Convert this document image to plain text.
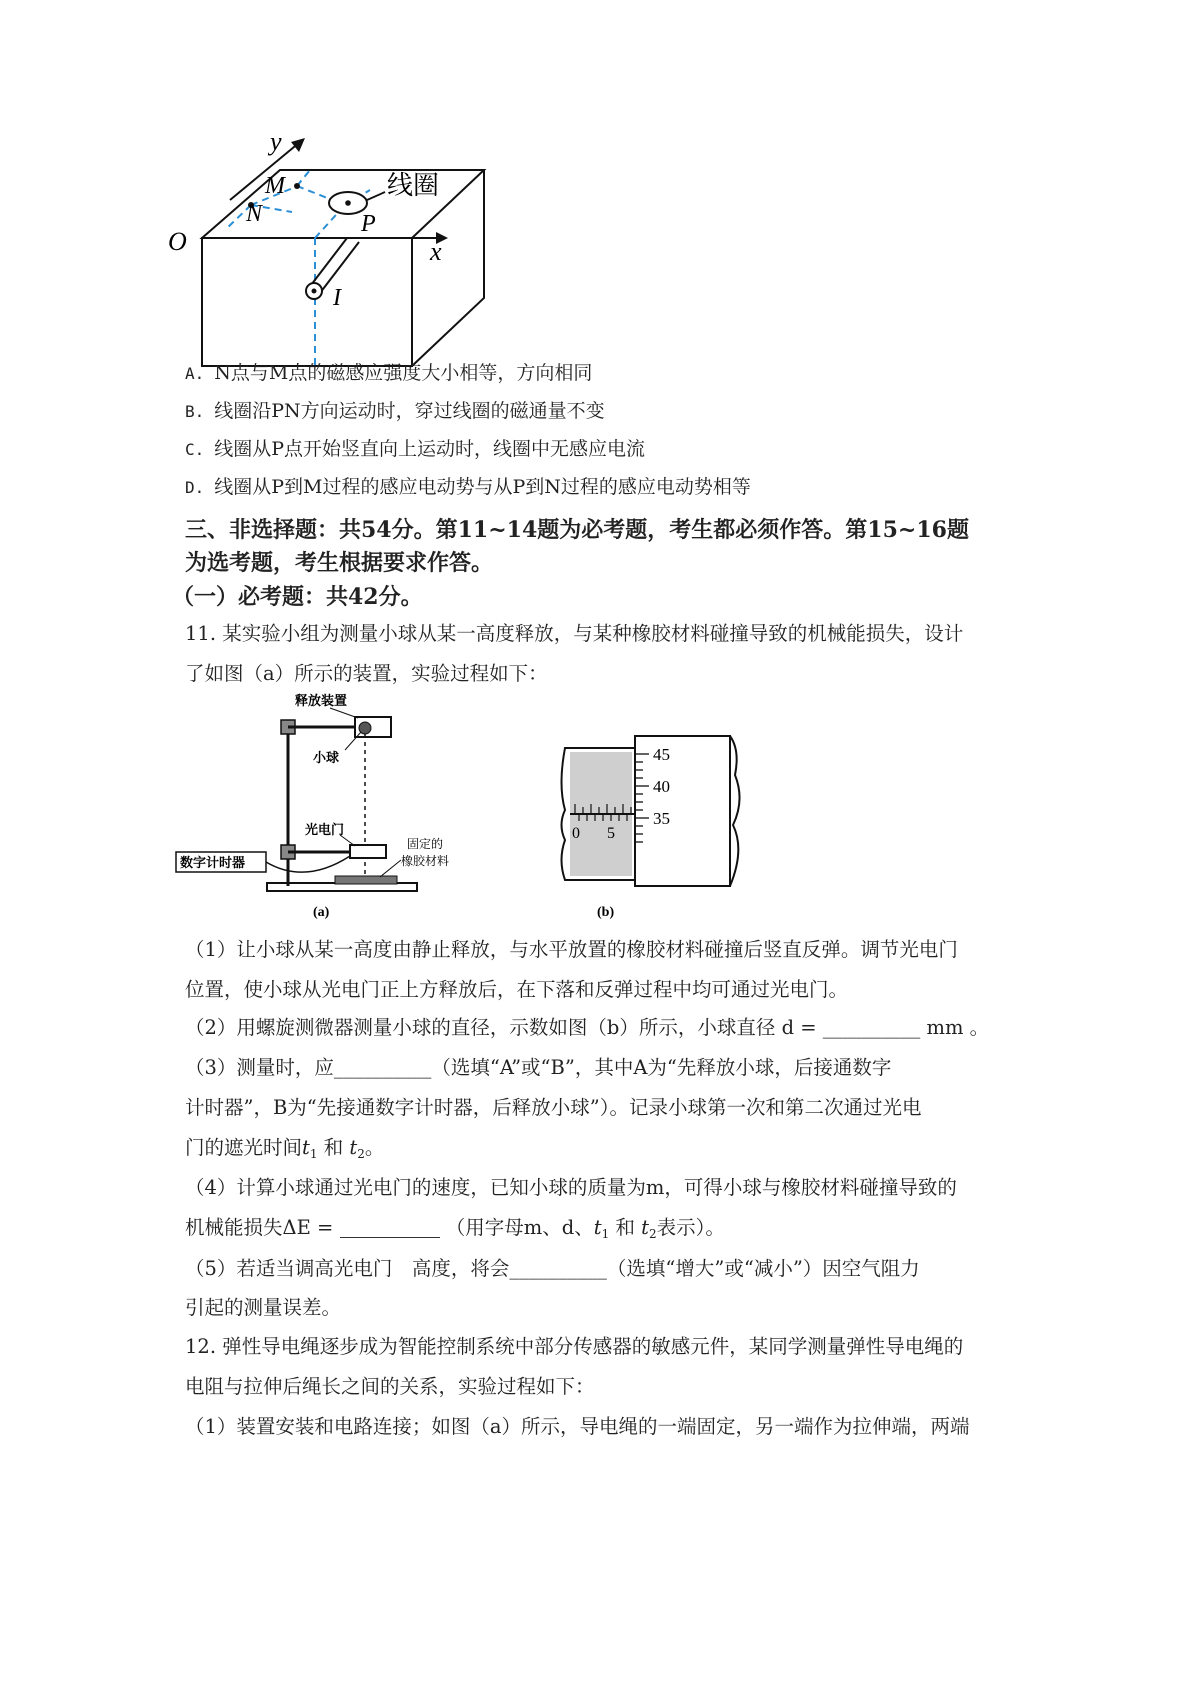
y
M
N
线圈
P
O	x
I
A. N点与M点的磁感应强度大小相等，方向相同
B. 线圈沿PN方向运动时，穿过线圈的磁通量不变
C. 线圈从P点开始竖直向上运动时，线圈中无感应电流
D. 线圈从P到M过程的感应电动势与从P到N过程的感应电动势相等
三、非选择题：共54分。第11~14题为必考题，考生都必须作答。第15~16题
为选考题，考生根据要求作答。
（一）必考题：共42分。
11. 某实验小组为测量小球从某一高度释放，与某种橡胶材料碰撞导致的机械能损失，设计
了如图（a）所示的装置，实验过程如下：
释放装置
小球
光电门
固定的
橡胶材料
数字计时器
(a)
45
40
35
0 5
(b)
（1）让小球从某一高度由静止释放，与水平放置的橡胶材料碰撞后竖直反弹。调节光电门
位置，使小球从光电门正上方释放后，在下落和反弹过程中均可通过光电门。
（2）用螺旋测微器测量小球的直径，示数如图（b）所示，小球直径 d = __________ mm 。
（3）测量时，应__________（选填“A”或“B”，其中A为“先释放小球，后接通数字
计时器”，B为“先接通数字计时器，后释放小球”）。记录小球第一次和第二次通过光电
门的遮光时间$t_1$ 和 $t_2$。
（4）计算小球通过光电门的速度，已知小球的质量为m，可得小球与橡胶材料碰撞导致的
机械能损失ΔE =	（用字母m、d、$t_1$ 和 $t_2$表示）。
（5）若适当调高光电门　高度，将会__________（选填“增大”或“减小”）因空气阻力
引起的测量误差。
12. 弹性导电绳逐步成为智能控制系统中部分传感器的敏感元件，某同学测量弹性导电绳的
电阻与拉伸后绳长之间的关系，实验过程如下：
（1）装置安装和电路连接；如图（a）所示，导电绳的一端固定，另一端作为拉伸端，两端
